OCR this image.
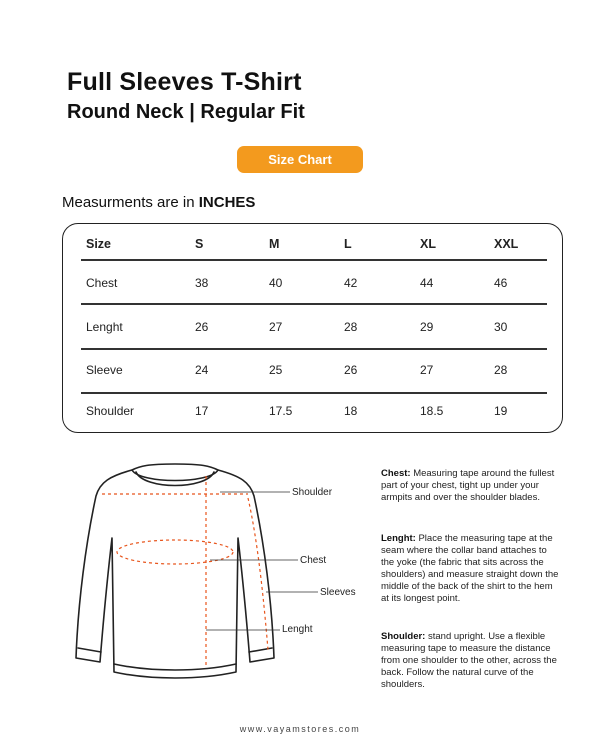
Full Sleeves T-Shirt
Round Neck | Regular Fit
Size Chart
Measurments are in INCHES
Size	S	M	L	XL	XXL
Chest	38	40	42	44	46
Lenght	26	27	28	29	30
Sleeve	24	25	26	27	28
Shoulder	17	17.5	18	18.5	19
Shoulder
Chest
Sleeves
Lenght
Chest: Measuring tape around the fullest part of your chest, tight up under your armpits and over the shoulder blades.
Lenght: Place the measuring tape at the seam where the collar band attaches to the yoke (the fabric that sits across the shoulders) and measure straight down the middle of the back of the shirt to the hem at its longest point.
Shoulder: stand upright. Use a flexible measuring tape to measure the distance from one shoulder to the other, across the back. Follow the natural curve of the shoulders.
www.vayamstores.com
